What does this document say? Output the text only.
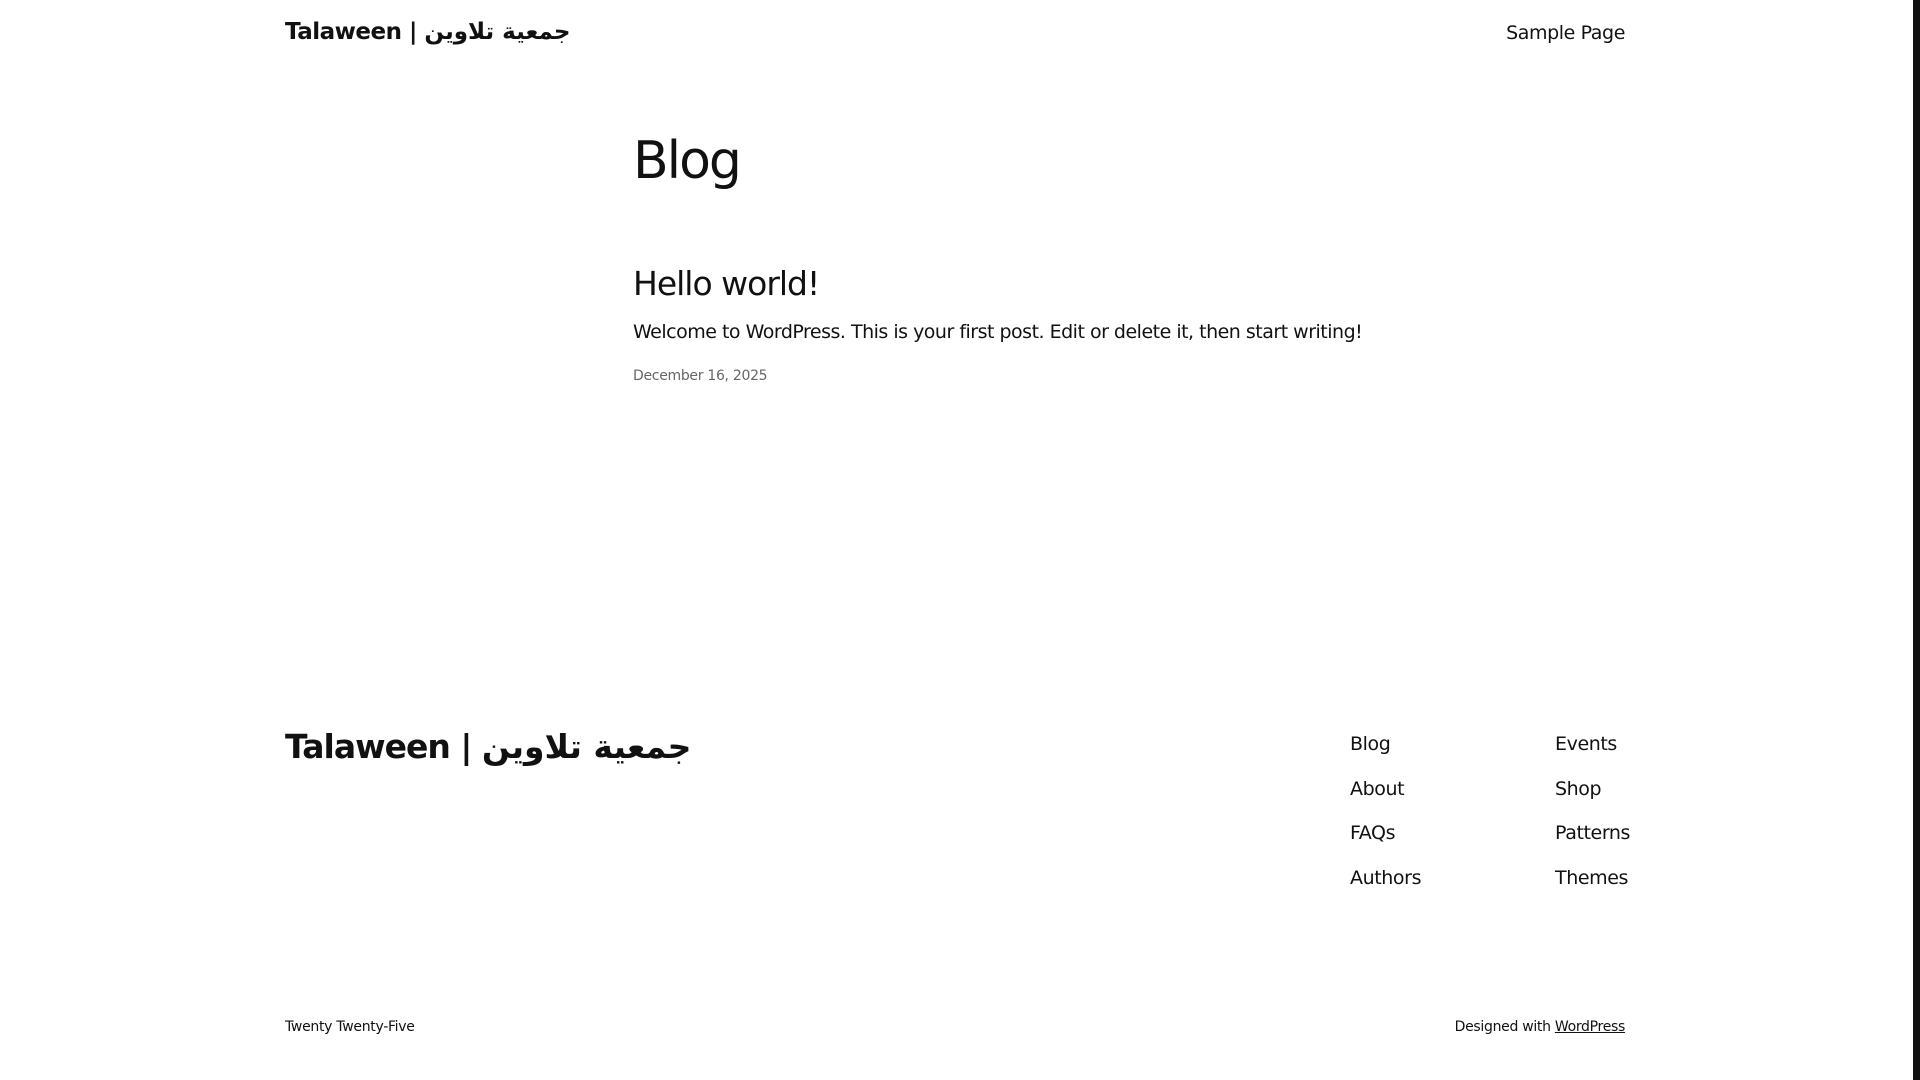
Talaween | جمعية تلاوين	Sample Page
Blog
Hello world!

Welcome to WordPress. This is your first post. Edit or delete it, then start writing!

December 16, 2025
Talaween | جمعية تلاوين	Blog
About
FAQs
Authors
Events
Shop
Patterns
Themes
Twenty Twenty-Five	Designed with WordPress
